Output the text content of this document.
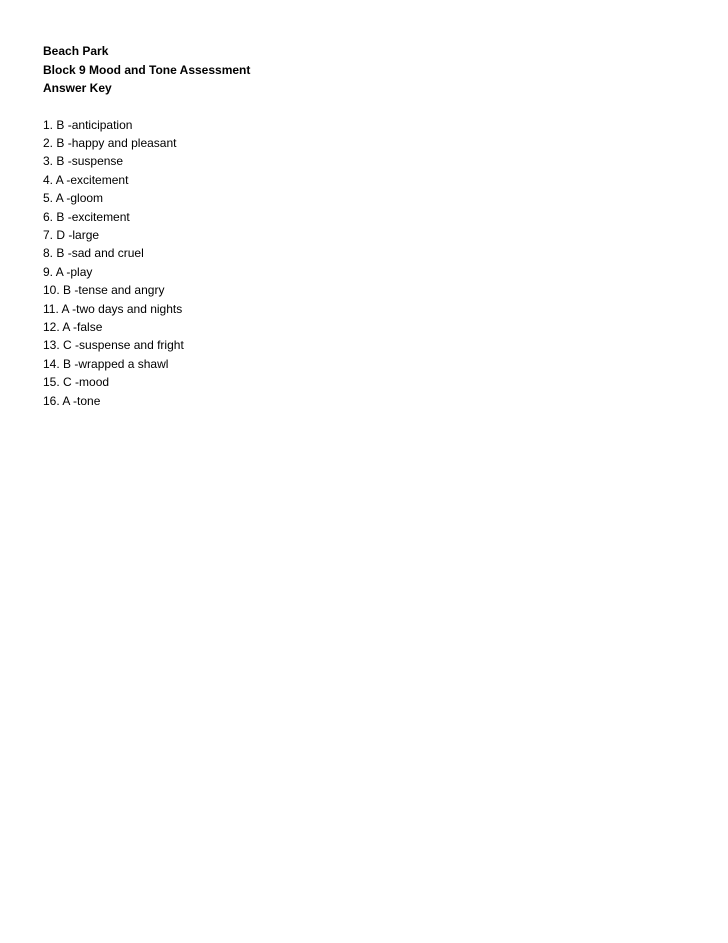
Beach Park
Block 9 Mood and Tone Assessment
Answer Key
1. B -anticipation
2. B -happy and pleasant
3. B -suspense
4. A -excitement
5. A -gloom
6. B -excitement
7. D -large
8. B -sad and cruel
9. A -play
10. B -tense and angry
11. A -two days and nights
12. A -false
13. C -suspense and fright
14. B -wrapped a shawl
15. C -mood
16. A -tone
